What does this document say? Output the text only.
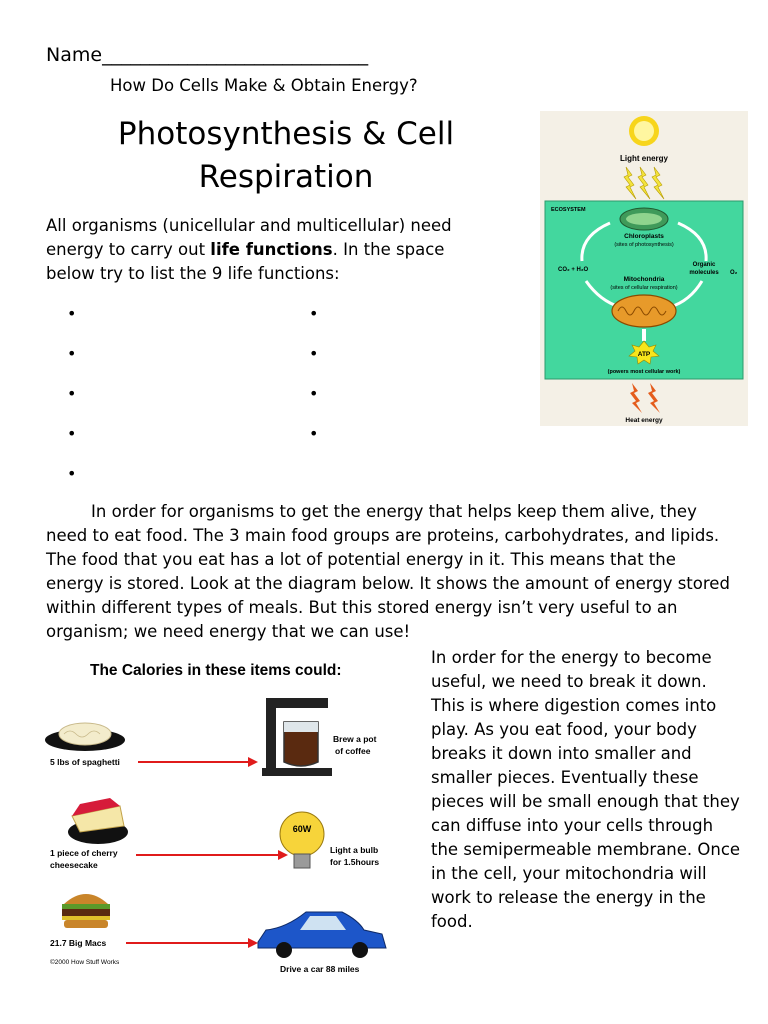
Name____________________________
How Do Cells Make & Obtain Energy?
Photosynthesis & Cell
Respiration
All organisms (unicellular and multicellular) need energy to carry out life functions. In the space below try to list the 9 life functions:
•
•
•
•
•
•
•
•
•
Light energy
ECOSYSTEM
Chloroplasts
(sites of photosynthesis)
CO₂ + H₂O
Organic
molecules O₂
Mitochondria
(sites of cellular respiration)
ATP
(powers most cellular work)
Heat energy
In order for organisms to get the energy that helps keep them alive, they need to eat food. The 3 main food groups are proteins, carbohydrates, and lipids. The food that you eat has a lot of potential energy in it. This means that the energy is stored. Look at the diagram below. It shows the amount of energy stored within different types of meals. But this stored energy isn’t very useful to an organism; we need energy that we can use!
The Calories in these items could:
5 lbs of spaghetti
Brew a pot
of coffee
1 piece of cherry
cheesecake
60W
Light a bulb
for 1.5hours
21.7 Big Macs
©2000 How Stuff Works
Drive a car 88 miles
In order for the energy to become useful, we need to break it down. This is where digestion comes into play. As you eat food, your body breaks it down into smaller and smaller pieces. Eventually these pieces will be small enough that they can diffuse into your cells through the semipermeable membrane. Once in the cell, your mitochondria will work to release the energy in the food.
